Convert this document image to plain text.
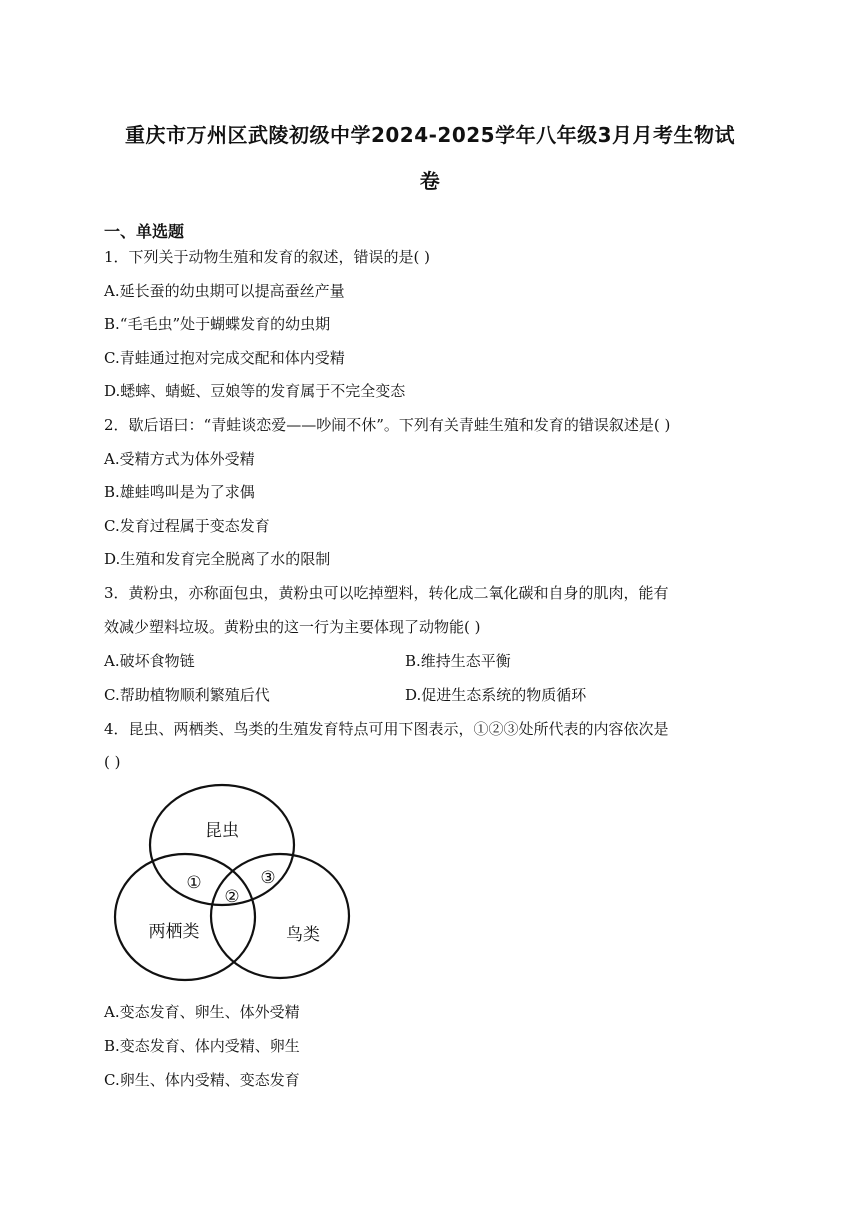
重庆市万州区武陵初级中学2024-2025学年八年级3月月考生物试
卷
一、单选题
1．下列关于动物生殖和发育的叙述，错误的是( )
A.延长蚕的幼虫期可以提高蚕丝产量
B.“毛毛虫”处于蝴蝶发育的幼虫期
C.青蛙通过抱对完成交配和体内受精
D.蟋蟀、蜻蜓、豆娘等的发育属于不完全变态
2．歇后语曰：“青蛙谈恋爱——吵闹不休”。下列有关青蛙生殖和发育的错误叙述是( )
A.受精方式为体外受精
B.雄蛙鸣叫是为了求偶
C.发育过程属于变态发育
D.生殖和发育完全脱离了水的限制
3．黄粉虫，亦称面包虫，黄粉虫可以吃掉塑料，转化成二氧化碳和自身的肌肉，能有
效减少塑料垃圾。黄粉虫的这一行为主要体现了动物能( )
A.破坏食物链	B.维持生态平衡
C.帮助植物顺利繁殖后代	D.促进生态系统的物质循环
4．昆虫、两栖类、鸟类的生殖发育特点可用下图表示，①②③处所代表的内容依次是
( )
昆虫
两栖类	鸟类
①
②
③
A.变态发育、卵生、体外受精
B.变态发育、体内受精、卵生
C.卵生、体内受精、变态发育
